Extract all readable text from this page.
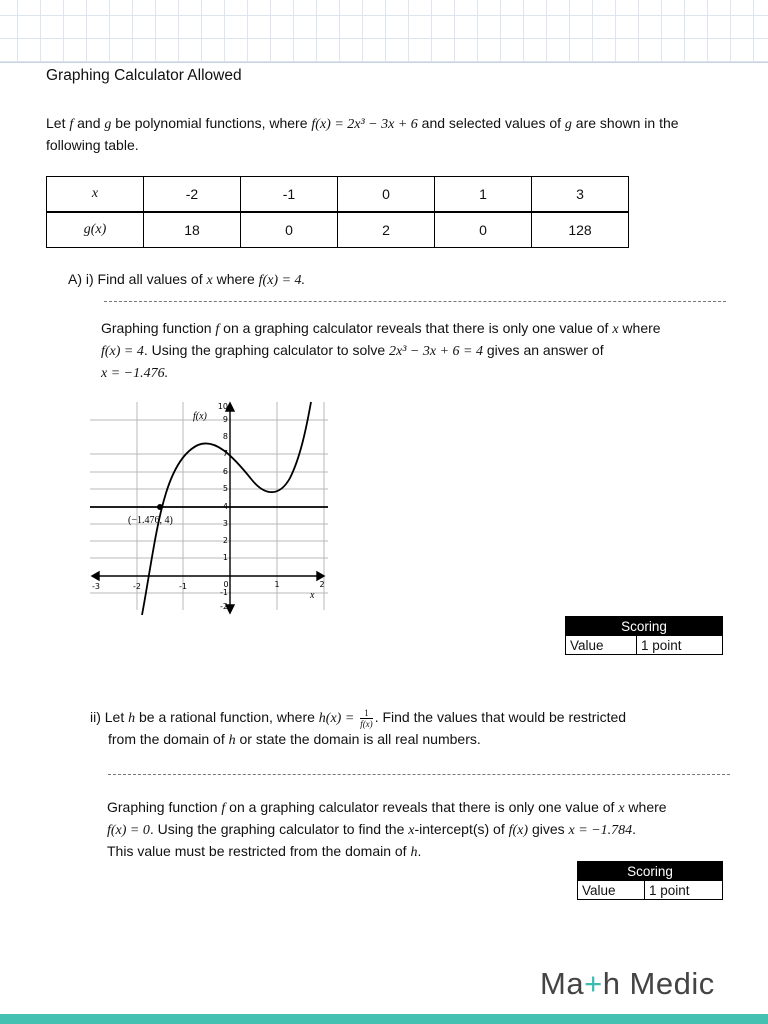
Graphing Calculator Allowed
Let f and g be polynomial functions, where f(x) = 2x³ − 3x + 6 and selected values of g are shown in the following table.
x	-2	-1	0	1	3
g(x)	18	0	2	0	128
A) i) Find all values of x where f(x) = 4.
Graphing function f on a graphing calculator reveals that there is only one value of x where
f(x) = 4. Using the graphing calculator to solve 2x³ − 3x + 6 = 4 gives an answer of
x = −1.476.
-3	-2	-1	0	1	2
10
9
8
7
6
5
4
3
2
1
-1
-2
f(x)
x
(−1.476, 4)
Scoring
Value	1 point
ii) Let h be a rational function, where $h(x) = \frac{1}{f(x)}$ . Find the values that would be restricted
from the domain of h or state the domain is all real numbers.
Graphing function f on a graphing calculator reveals that there is only one value of x where
f(x) = 0. Using the graphing calculator to find the x-intercept(s) of f(x) gives x = −1.784.
This value must be restricted from the domain of h.
Scoring
Value	1 point
Ma+h Medic
